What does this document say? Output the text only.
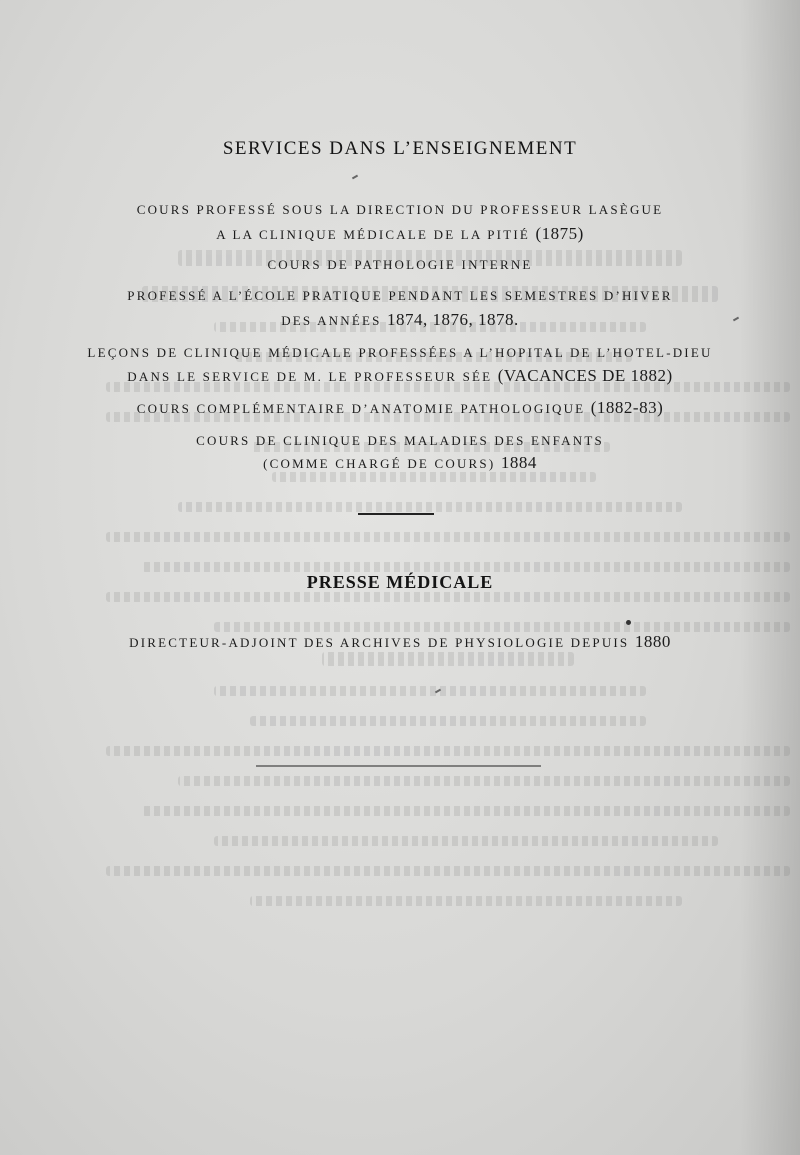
SERVICES DANS L’ENSEIGNEMENT
COURS PROFESSÉ SOUS LA DIRECTION DU PROFESSEUR LASÈGUE
A LA CLINIQUE MÉDICALE DE LA PITIÉ (1875)
COURS DE PATHOLOGIE INTERNE
PROFESSÉ A L’ÉCOLE PRATIQUE PENDANT LES SEMESTRES D’HIVER
DES ANNÉES 1874, 1876, 1878.
LEÇONS DE CLINIQUE MÉDICALE PROFESSÉES A L’HOPITAL DE L’HOTEL-DIEU
DANS LE SERVICE DE M. LE PROFESSEUR SÉE (VACANCES DE 1882)
COURS COMPLÉMENTAIRE D’ANATOMIE PATHOLOGIQUE (1882-83)
COURS DE CLINIQUE DES MALADIES DES ENFANTS
(COMME CHARGÉ DE COURS) 1884
PRESSE MÉDICALE
DIRECTEUR-ADJOINT DES ARCHIVES DE PHYSIOLOGIE DEPUIS 1880
